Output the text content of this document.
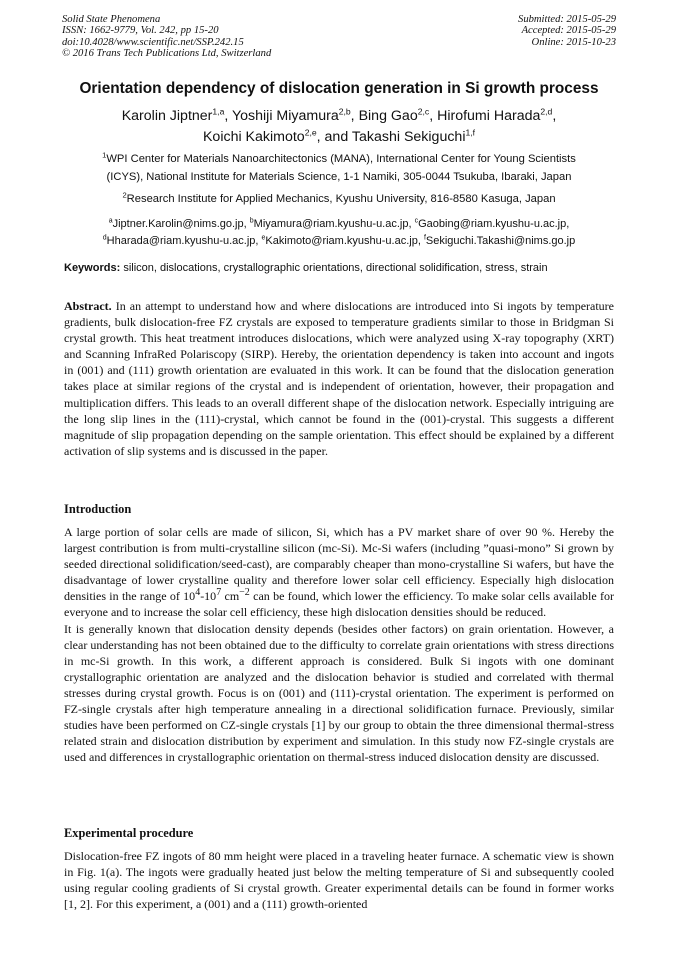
Solid State Phenomena
ISSN: 1662-9779, Vol. 242, pp 15-20
doi:10.4028/www.scientific.net/SSP.242.15
© 2016 Trans Tech Publications Ltd, Switzerland
Submitted: 2015-05-29
Accepted: 2015-05-29
Online: 2015-10-23
Orientation dependency of dislocation generation in Si growth process
Karolin Jiptner$^{1,a}$, Yoshiji Miyamura$^{2,b}$, Bing Gao$^{2,c}$, Hirofumi Harada$^{2,d}$,
Koichi Kakimoto$^{2,e}$, and Takashi Sekiguchi$^{1,f}$
$^1$WPI Center for Materials Nanoarchitectonics (MANA), International Center for Young Scientists
(ICYS), National Institute for Materials Science, 1-1 Namiki, 305-0044 Tsukuba, Ibaraki, Japan
$^2$Research Institute for Applied Mechanics, Kyushu University, 816-8580 Kasuga, Japan
$^a$Jiptner.Karolin@nims.go.jp, $^b$Miyamura@riam.kyushu-u.ac.jp, $^c$Gaobing@riam.kyushu-u.ac.jp,
$^d$Hharada@riam.kyushu-u.ac.jp, $^e$Kakimoto@riam.kyushu-u.ac.jp, $^f$Sekiguchi.Takashi@nims.go.jp
Keywords: silicon, dislocations, crystallographic orientations, directional solidification, stress, strain

Abstract. In an attempt to understand how and where dislocations are introduced into Si ingots by temperature gradients, bulk dislocation-free FZ crystals are exposed to temperature gradients similar to those in Bridgman Si crystal growth. This heat treatment introduces dislocations, which were analyzed using X-ray topography (XRT) and Scanning InfraRed Polariscopy (SIRP). Hereby, the orientation dependency is taken into account and ingots in (001) and (111) growth orientation are evaluated in this work. It can be found that the dislocation generation takes place at similar regions of the crystal and is independent of orientation, however, their propagation and multiplication differs. This leads to an overall different shape of the dislocation network. Especially intriguing are the long slip lines in the (111)-crystal, which cannot be found in the (001)-crystal. This suggests a different magnitude of slip propagation depending on the sample orientation. This effect should be explained by a different activation of slip systems and is discussed in the paper.

Introduction

A large portion of solar cells are made of silicon, Si, which has a PV market share of over 90 %. Hereby the largest contribution is from multi-crystalline silicon (mc-Si). Mc-Si wafers (including ”quasi-mono” Si grown by seeded directional solidification/seed-cast), are comparably cheaper than mono-crystalline Si wafers, but have the disadvantage of lower crystalline quality and therefore lower solar cell efficiency. Especially high dislocation densities in the range of $10^4-10^7$ $cm^{-2}$ can be found, which lower the efficiency. To make solar cells available for everyone and to increase the solar cell efficiency, these high dislocation densities should be reduced.

It is generally known that dislocation density depends (besides other factors) on grain orientation. However, a clear understanding has not been obtained due to the difficulty to correlate grain orientations with stress directions in mc-Si growth. In this work, a different approach is considered. Bulk Si ingots with one dominant crystallographic orientation are analyzed and the dislocation behavior is studied and correlated with thermal stresses during crystal growth. Focus is on (001) and (111)-crystal orientation. The experiment is performed on FZ-single crystals after high temperature annealing in a directional solidification furnace. Previously, similar studies have been performed on CZ-single crystals [1] by our group to obtain the three dimensional thermal-stress related strain and dislocation distribution by experiment and simulation. In this study now FZ-single crystals are used and differences in crystallographic orientation on thermal-stress induced dislocation density are discussed.

Experimental procedure

Dislocation-free FZ ingots of 80 mm height were placed in a traveling heater furnace. A schematic view is shown in Fig. 1(a). The ingots were gradually heated just below the melting temperature of Si and subsequently cooled using regular cooling gradients of Si crystal growth. Greater experimental details can be found in former works [1, 2]. For this experiment, a (001) and a (111) growth-oriented
